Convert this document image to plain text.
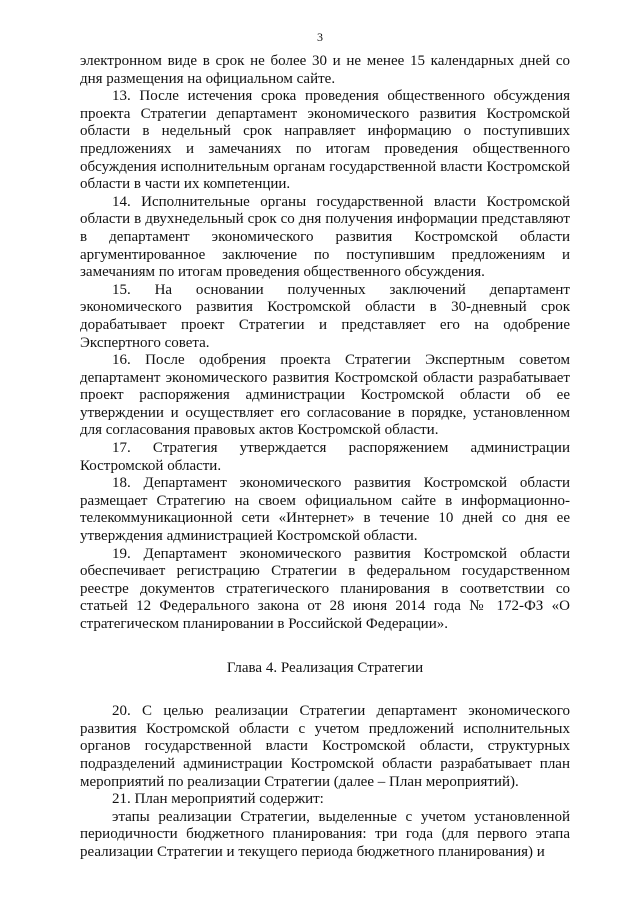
3

электронном виде в срок не более 30 и не менее 15 календарных дней со дня размещения на официальном сайте.

13. После истечения срока проведения общественного обсуждения проекта Стратегии департамент экономического развития Костромской области в недельный срок направляет информацию о поступивших предложениях и замечаниях по итогам проведения общественного обсуждения исполнительным органам государственной власти Костромской области в части их компетенции.

14. Исполнительные органы государственной власти Костромской области в двухнедельный срок со дня получения информации представляют в департамент экономического развития Костромской области аргументированное заключение по поступившим предложениям и замечаниям по итогам проведения общественного обсуждения.

15. На основании полученных заключений департамент экономического развития Костромской области в 30-дневный срок дорабатывает проект Стратегии и представляет его на одобрение Экспертного совета.

16. После одобрения проекта Стратегии Экспертным советом департамент экономического развития Костромской области разрабатывает проект распоряжения администрации Костромской области об ее утверждении и осуществляет его согласование в порядке, установленном для согласования правовых актов Костромской области.

17. Стратегия утверждается распоряжением администрации Костромской области.

18. Департамент экономического развития Костромской области размещает Стратегию на своем официальном сайте в информационно-телекоммуникационной сети «Интернет» в течение 10 дней со дня ее утверждения администрацией Костромской области.

19. Департамент экономического развития Костромской области обеспечивает регистрацию Стратегии в федеральном государственном реестре документов стратегического планирования в соответствии со статьей 12 Федерального закона от 28 июня 2014 года № 172-ФЗ «О стратегическом планировании в Российской Федерации».

Глава 4. Реализация Стратегии

20. С целью реализации Стратегии департамент экономического развития Костромской области с учетом предложений исполнительных органов государственной власти Костромской области, структурных подразделений администрации Костромской области разрабатывает план мероприятий по реализации Стратегии (далее – План мероприятий).

21. План мероприятий содержит:

этапы реализации Стратегии, выделенные с учетом установленной периодичности бюджетного планирования: три года (для первого этапа реализации Стратегии и текущего периода бюджетного планирования) и
